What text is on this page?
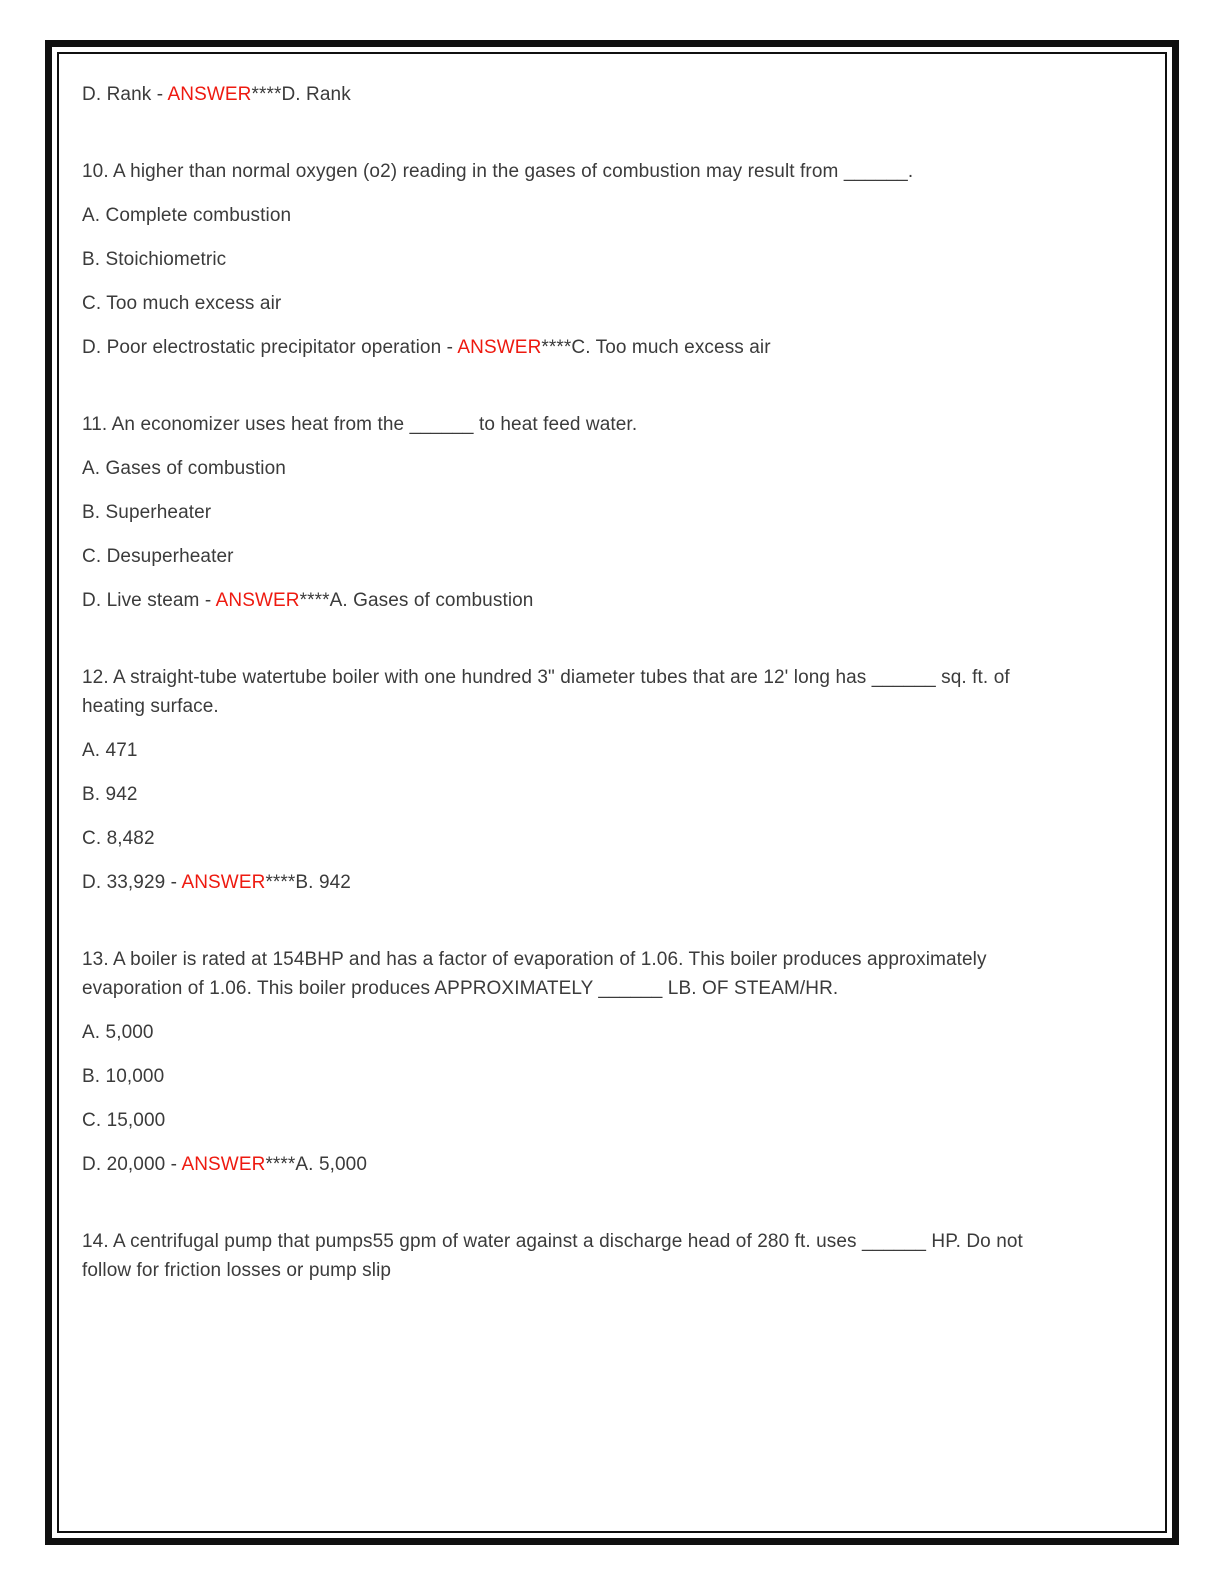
D. Rank - ANSWER****D. Rank

10. A higher than normal oxygen (o2) reading in the gases of combustion may result from ______.

A. Complete combustion

B. Stoichiometric

C. Too much excess air

D. Poor electrostatic precipitator operation - ANSWER****C. Too much excess air

11. An economizer uses heat from the ______ to heat feed water.

A. Gases of combustion

B. Superheater

C. Desuperheater

D. Live steam - ANSWER****A. Gases of combustion

12. A straight-tube watertube boiler with one hundred 3" diameter tubes that are 12' long has ______ sq. ft. of heating surface.

A. 471

B. 942

C. 8,482

D. 33,929 - ANSWER****B. 942

13. A boiler is rated at 154BHP and has a factor of evaporation of 1.06. This boiler produces approximately evaporation of 1.06. This boiler produces APPROXIMATELY ______ LB. OF STEAM/HR.

A. 5,000

B. 10,000

C. 15,000

D. 20,000 - ANSWER****A. 5,000

14. A centrifugal pump that pumps55 gpm of water against a discharge head of 280 ft. uses ______ HP. Do not follow for friction losses or pump slip
